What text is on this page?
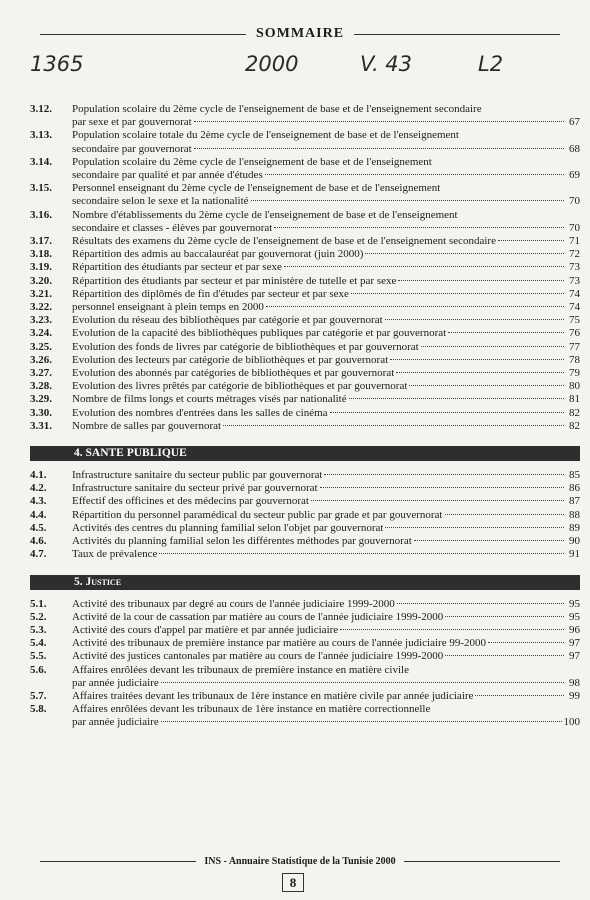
SOMMAIRE
1365	2000	V. 43	L2
3.12.	Population scolaire du 2ème cycle de l'enseignement de base et de l'enseignement secondaire
par sexe et par gouvernorat	67
3.13.	Population scolaire totale du 2ème cycle de l'enseignement de base et de l'enseignement
secondaire par gouvernorat	68
3.14.	Population scolaire du 2ème cycle de l'enseignement de base et de l'enseignement
secondaire par qualité et par année d'études	69
3.15.	Personnel enseignant du 2ème cycle de l'enseignement de base et de l'enseignement
secondaire selon le sexe et la nationalité	70
3.16.	Nombre d'établissements du 2ème cycle de l'enseignement de base et de l'enseignement
secondaire et classes - élèves par gouvernorat	70
3.17.	Résultats des examens du 2ème cycle de l'enseignement de base et de l'enseignement secondaire	71
3.18.	Répartition des admis au baccalauréat par gouvernorat (juin 2000)	72
3.19.	Répartition des étudiants par secteur et par sexe	73
3.20.	Répartition des étudiants par secteur et par ministère de tutelle et par sexe	73
3.21.	Répartition des diplômés de fin d'études par secteur et par sexe	74
3.22.	personnel enseignant à plein temps en 2000	74
3.23.	Evolution du réseau des bibliothèques par catégorie et par gouvernorat	75
3.24.	Evolution de la capacité des bibliothèques publiques par catégorie et par gouvernorat	76
3.25.	Evolution des fonds de livres par catégorie de bibliothèques et par gouvernorat	77
3.26.	Evolution des lecteurs par catégorie de bibliothèques et par gouvernorat	78
3.27.	Evolution des abonnés par catégories de bibliothèques et par gouvernorat	79
3.28.	Evolution des livres prêtés par catégorie de bibliothèques et par gouvernorat	80
3.29.	Nombre de films longs et courts métrages visés par nationalité	81
3.30.	Evolution des nombres d'entrées dans les salles de cinéma	82
3.31.	Nombre de salles par gouvernorat	82
4. SANTE PUBLIQUE
4.1.	Infrastructure sanitaire du secteur public par gouvernorat	85
4.2.	Infrastructure sanitaire du secteur privé par gouvernorat	86
4.3.	Effectif des officines et des médecins par gouvernorat	87
4.4.	Répartition du personnel paramédical du secteur public par grade et par gouvernorat	88
4.5.	Activités des centres du planning familial selon l'objet par gouvernorat	89
4.6.	Activités du planning familial selon les différentes méthodes par gouvernorat	90
4.7.	Taux de prévalence	91
5. Justice
5.1.	Activité des tribunaux par degré au cours de l'année judiciaire 1999-2000	95
5.2.	Activité de la cour de cassation par matière au cours de l'année judiciaire 1999-2000	95
5.3.	Activité des cours d'appel par matière et par année judiciaire	96
5.4.	Activité des tribunaux de première instance par matière au cours de l'année judiciaire 99-2000	97
5.5.	Activité des justices cantonales par matière au cours de l'année judiciaire 1999-2000	97
5.6.	Affaires enrôlées devant les tribunaux de première instance en matière civile
par année judiciaire	98
5.7.	Affaires traitées devant les tribunaux de 1ère instance en matière civile par année judiciaire	99
5.8.	Affaires enrôlées devant les tribunaux de 1ère instance en matière correctionnelle
par année judiciaire	100
INS - Annuaire Statistique de la Tunisie 2000
8
